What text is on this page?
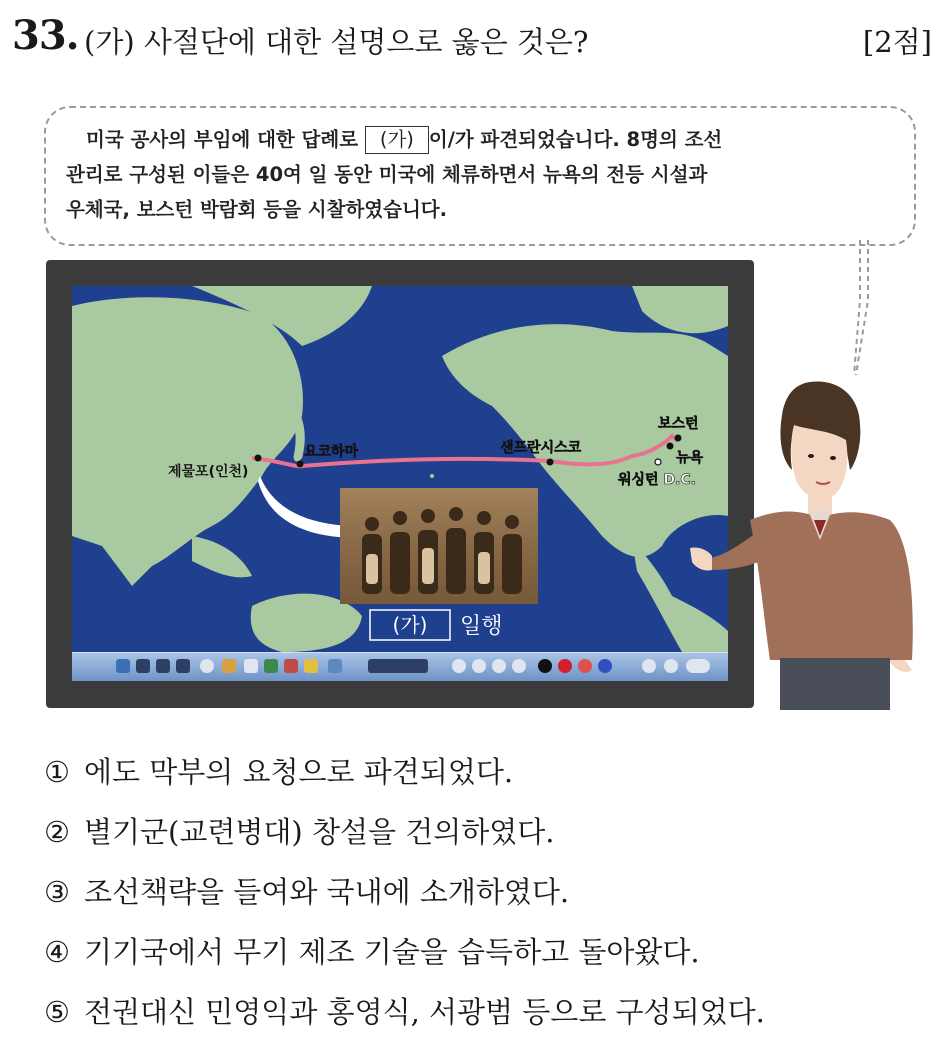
33. (가) 사절단에 대한 설명으로 옳은 것은?	[2점]
미국 공사의 부임에 대한 답례로 (가) 이/가 파견되었습니다. 8명의 조선
관리로 구성된 이들은 40여 일 동안 미국에 체류하면서 뉴욕의 전등 시설과
우체국, 보스턴 박람회 등을 시찰하였습니다.
제물포(인천)
요코하마	샌프란시스코
보스턴
뉴욕
워싱턴 D.C.
(가) 일행
① 에도 막부의 요청으로 파견되었다.
② 별기군(교련병대) 창설을 건의하였다.
③ 조선책략을 들여와 국내에 소개하였다.
④ 기기국에서 무기 제조 기술을 습득하고 돌아왔다.
⑤ 전권대신 민영익과 홍영식, 서광범 등으로 구성되었다.
